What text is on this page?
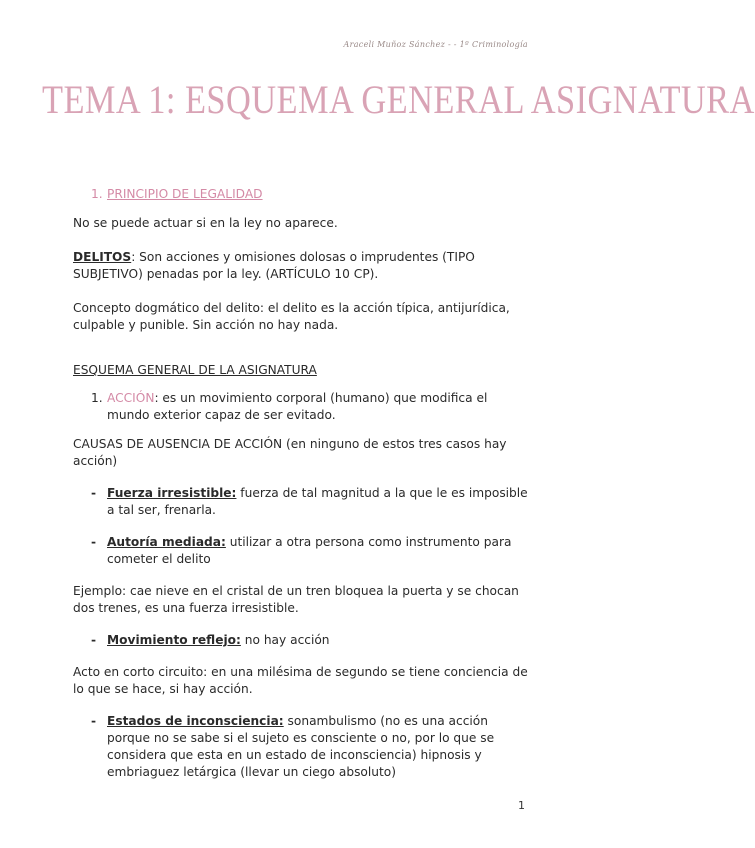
Araceli Muñoz Sánchez - - 1º Criminología
TEMA 1: ESQUEMA GENERAL ASIGNATURA
1. PRINCIPIO DE LEGALIDAD

No se puede actuar si en la ley no aparece.

DELITOS: Son acciones y omisiones dolosas o imprudentes (TIPO SUBJETIVO) penadas por la ley. (ARTÍCULO 10 CP).

Concepto dogmático del delito: el delito es la acción típica, antijurídica, culpable y punible. Sin acción no hay nada.

ESQUEMA GENERAL DE LA ASIGNATURA

1. ACCIÓN: es un movimiento corporal (humano) que modifica el mundo exterior capaz de ser evitado.

CAUSAS DE AUSENCIA DE ACCIÓN (en ninguno de estos tres casos hay acción)

- Fuerza irresistible: fuerza de tal magnitud a la que le es imposible a tal ser, frenarla.
- Autoría mediada: utilizar a otra persona como instrumento para cometer el delito

Ejemplo: cae nieve en el cristal de un tren bloquea la puerta y se chocan dos trenes, es una fuerza irresistible.

- Movimiento reflejo: no hay acción

Acto en corto circuito: en una milésima de segundo se tiene conciencia de lo que se hace, si hay acción.

- Estados de inconsciencia: sonambulismo (no es una acción porque no se sabe si el sujeto es consciente o no, por lo que se considera que esta en un estado de inconsciencia) hipnosis y embriaguez letárgica (llevar un ciego absoluto)
1
